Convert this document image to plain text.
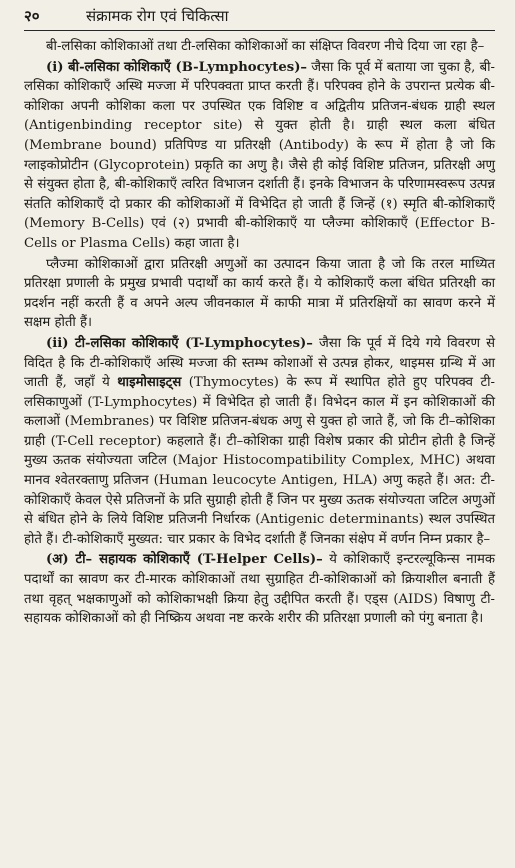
२०	संक्रामक रोग एवं चिकित्सा

बी-लसिका कोशिकाओं तथा टी-लसिका कोशिकाओं का संक्षिप्त विवरण नीचे दिया जा रहा है–

(i) बी-लसिका कोशिकाएँ (B-Lymphocytes)– जैसा कि पूर्व में बताया जा चुका है, बी-लसिका कोशिकाएँ अस्थि मज्जा में परिपक्वता प्राप्त करती हैं। परिपक्व होने के उपरान्त प्रत्येक बी-कोशिका अपनी कोशिका कला पर उपस्थित एक विशिष्ट व अद्वितीय प्रतिजन-बंधक ग्राही स्थल (Antigenbinding receptor site) से युक्त होती है। ग्राही स्थल कला बंधित (Membrane bound) प्रतिपिण्ड या प्रतिरक्षी (Antibody) के रूप में होता है जो कि ग्लाइकोप्रोटीन (Glycoprotein) प्रकृति का अणु है। जैसे ही कोई विशिष्ट प्रतिजन, प्रतिरक्षी अणु से संयुक्त होता है, बी-कोशिकाएँ त्वरित विभाजन दर्शाती हैं। इनके विभाजन के परिणामस्वरूप उत्पन्न संतति कोशिकाएँ दो प्रकार की कोशिकाओं में विभेदित हो जाती हैं जिन्हें (१) स्मृति बी-कोशिकाएँ (Memory B-Cells) एवं (२) प्रभावी बी-कोशिकाएँ या प्लैज्मा कोशिकाएँ (Effector B-Cells or Plasma Cells) कहा जाता है।

प्लैज्मा कोशिकाओं द्वारा प्रतिरक्षी अणुओं का उत्पादन किया जाता है जो कि तरल माध्यित प्रतिरक्षा प्रणाली के प्रमुख प्रभावी पदार्थों का कार्य करते हैं। ये कोशिकाएँ कला बंधित प्रतिरक्षी का प्रदर्शन नहीं करती हैं व अपने अल्प जीवनकाल में काफी मात्रा में प्रतिरक्षियों का स्रावण करने में सक्षम होती हैं।

(ii) टी-लसिका कोशिकाएँ (T-Lymphocytes)– जैसा कि पूर्व में दिये गये विवरण से विदित है कि टी-कोशिकाएँ अस्थि मज्जा की स्तम्भ कोशाओं से उत्पन्न होकर, थाइमस ग्रन्थि में आ जाती हैं, जहाँ ये थाइमोसाइट्स (Thymocytes) के रूप में स्थापित होते हुए परिपक्व टी-लसिकाणुओं (T-Lymphocytes) में विभेदित हो जाती हैं। विभेदन काल में इन कोशिकाओं की कलाओं (Membranes) पर विशिष्ट प्रतिजन-बंधक अणु से युक्त हो जाते हैं, जो कि टी–कोशिका ग्राही (T-Cell receptor) कहलाते हैं। टी–कोशिका ग्राही विशेष प्रकार की प्रोटीन होती है जिन्हें मुख्य ऊतक संयोज्यता जटिल (Major Histocompatibility Complex, MHC) अथवा मानव श्वेतरक्ताणु प्रतिजन (Human leucocyte Antigen, HLA) अणु कहते हैं। अत: टी-कोशिकाएँ केवल ऐसे प्रतिजनों के प्रति सुग्राही होती हैं जिन पर मुख्य ऊतक संयोज्यता जटिल अणुओं से बंधित होने के लिये विशिष्ट प्रतिजनी निर्धारक (Antigenic determinants) स्थल उपस्थित होते हैं। टी-कोशिकाएँ मुख्यत: चार प्रकार के विभेद दर्शाती हैं जिनका संक्षेप में वर्णन निम्न प्रकार है–

(अ) टी– सहायक कोशिकाएँ (T-Helper Cells)– ये कोशिकाएँ इन्टरल्यूकिन्स नामक पदार्थों का स्रावण कर टी-मारक कोशिकाओं तथा सुग्राहित टी-कोशिकाओं को क्रियाशील बनाती हैं तथा वृहत् भक्षकाणुओं को कोशिकाभक्षी क्रिया हेतु उद्दीपित करती हैं। एड्स (AIDS) विषाणु टी-सहायक कोशिकाओं को ही निष्क्रिय अथवा नष्ट करके शरीर की प्रतिरक्षा प्रणाली को पंगु बनाता है।
